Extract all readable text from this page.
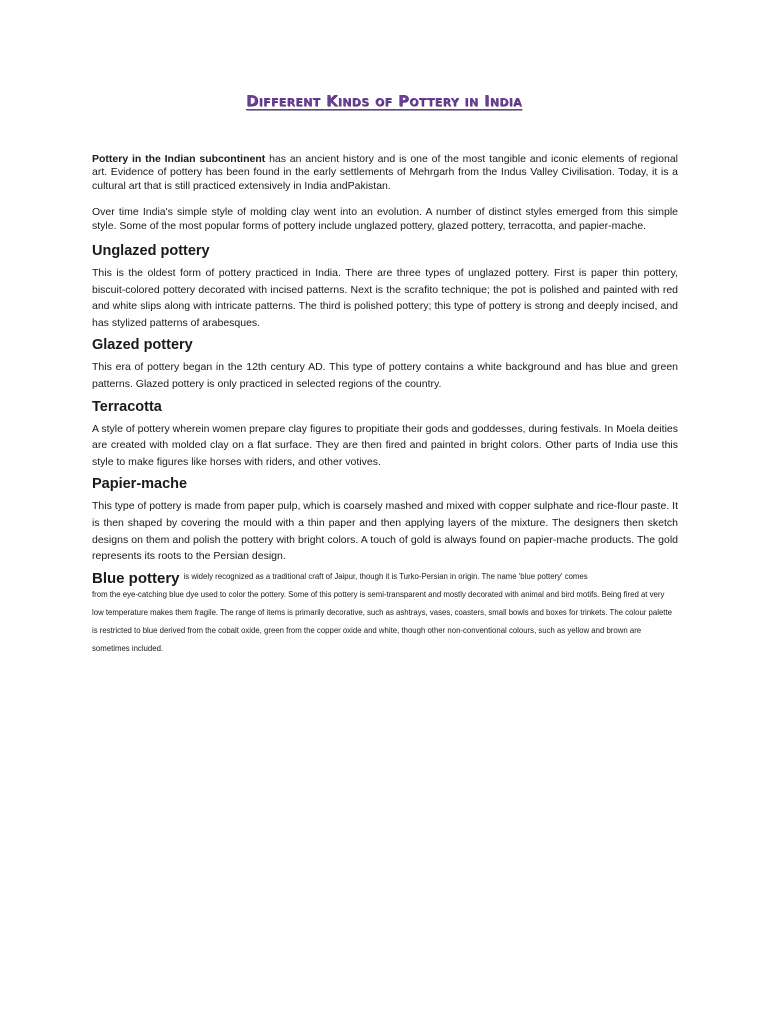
Different Kinds of Pottery in India

Pottery in the Indian subcontinent has an ancient history and is one of the most tangible and iconic elements of regional art. Evidence of pottery has been found in the early settlements of Mehrgarh from the Indus Valley Civilisation. Today, it is a cultural art that is still practiced extensively in India andPakistan.

Over time India's simple style of molding clay went into an evolution. A number of distinct styles emerged from this simple style. Some of the most popular forms of pottery include unglazed pottery, glazed pottery, terracotta, and papier-mache.

Unglazed pottery

This is the oldest form of pottery practiced in India. There are three types of unglazed pottery. First is paper thin pottery, biscuit-colored pottery decorated with incised patterns. Next is the scrafito technique; the pot is polished and painted with red and white slips along with intricate patterns. The third is polished pottery; this type of pottery is strong and deeply incised, and has stylized patterns of arabesques.

Glazed pottery

This era of pottery began in the 12th century AD. This type of pottery contains a white background and has blue and green patterns. Glazed pottery is only practiced in selected regions of the country.

Terracotta

A style of pottery wherein women prepare clay figures to propitiate their gods and goddesses, during festivals. In Moela deities are created with molded clay on a flat surface. They are then fired and painted in bright colors. Other parts of India use this style to make figures like horses with riders, and other votives.

Papier-mache

This type of pottery is made from paper pulp, which is coarsely mashed and mixed with copper sulphate and rice-flour paste. It is then shaped by covering the mould with a thin paper and then applying layers of the mixture. The designers then sketch designs on them and polish the pottery with bright colors. A touch of gold is always found on papier-mache products. The gold represents its roots to the Persian design.

Blue pottery $^{is widely recognized as a traditional craft of Jaipur, though it is Turko-Persian in origin. The name 'blue pottery' comes}$

from the eye-catching blue dye used to color the pottery. Some of this pottery is semi-transparent and mostly decorated with animal and bird motifs. Being fired at very low temperature makes them fragile. The range of items is primarily decorative, such as ashtrays, vases, coasters, small bowls and boxes for trinkets. The colour palette is restricted to blue derived from the cobalt oxide, green from the copper oxide and white, though other non-conventional colours, such as yellow and brown are sometimes included.
